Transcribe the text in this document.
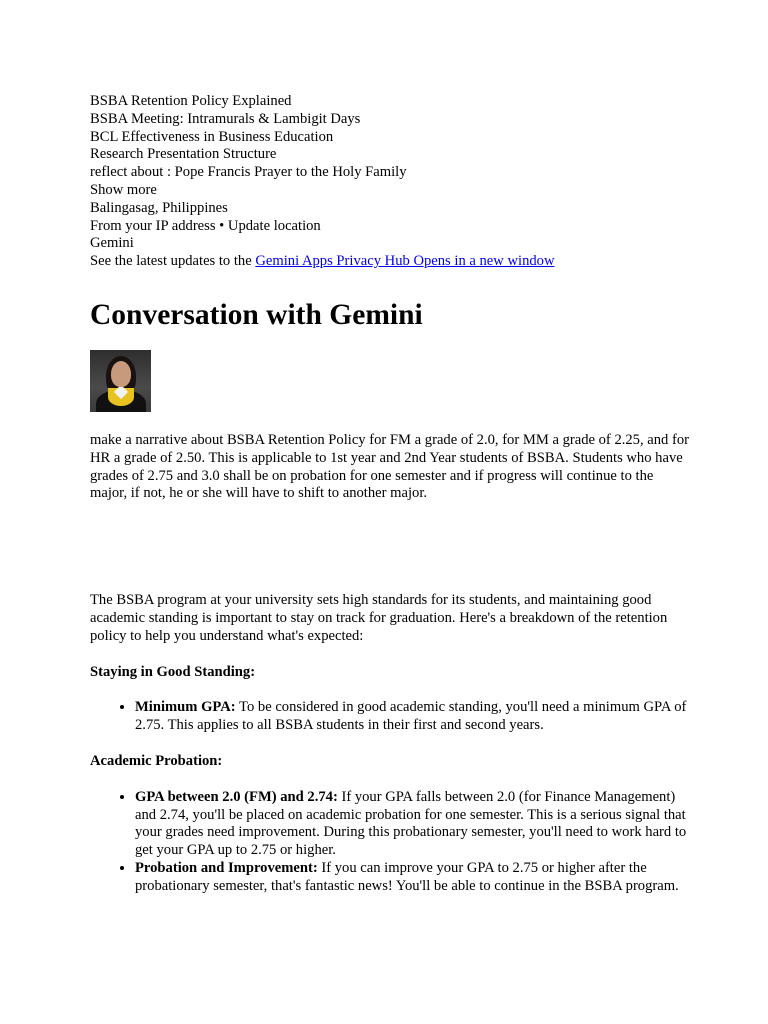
BSBA Retention Policy Explained
BSBA Meeting: Intramurals & Lambigit Days
BCL Effectiveness in Business Education
Research Presentation Structure
reflect about : Pope Francis Prayer to the Holy Family
Show more
Balingasag, Philippines
From your IP address • Update location
Gemini
See the latest updates to the Gemini Apps Privacy Hub Opens in a new window
Conversation with Gemini

make a narrative about BSBA Retention Policy for FM a grade of 2.0, for MM a grade of 2.25, and for HR a grade of 2.50. This is applicable to 1st year and 2nd Year students of BSBA. Students who have grades of 2.75 and 3.0 shall be on probation for one semester and if progress will continue to the major, if not, he or she will have to shift to another major.

The BSBA program at your university sets high standards for its students, and maintaining good academic standing is important to stay on track for graduation. Here's a breakdown of the retention policy to help you understand what's expected:

Staying in Good Standing:
• Minimum GPA: To be considered in good academic standing, you'll need a minimum GPA of 2.75. This applies to all BSBA students in their first and second years.
Academic Probation:
• GPA between 2.0 (FM) and 2.74: If your GPA falls between 2.0 (for Finance Management) and 2.74, you'll be placed on academic probation for one semester. This is a serious signal that your grades need improvement. During this probationary semester, you'll need to work hard to get your GPA up to 2.75 or higher.
• Probation and Improvement: If you can improve your GPA to 2.75 or higher after the probationary semester, that's fantastic news! You'll be able to continue in the BSBA program.
